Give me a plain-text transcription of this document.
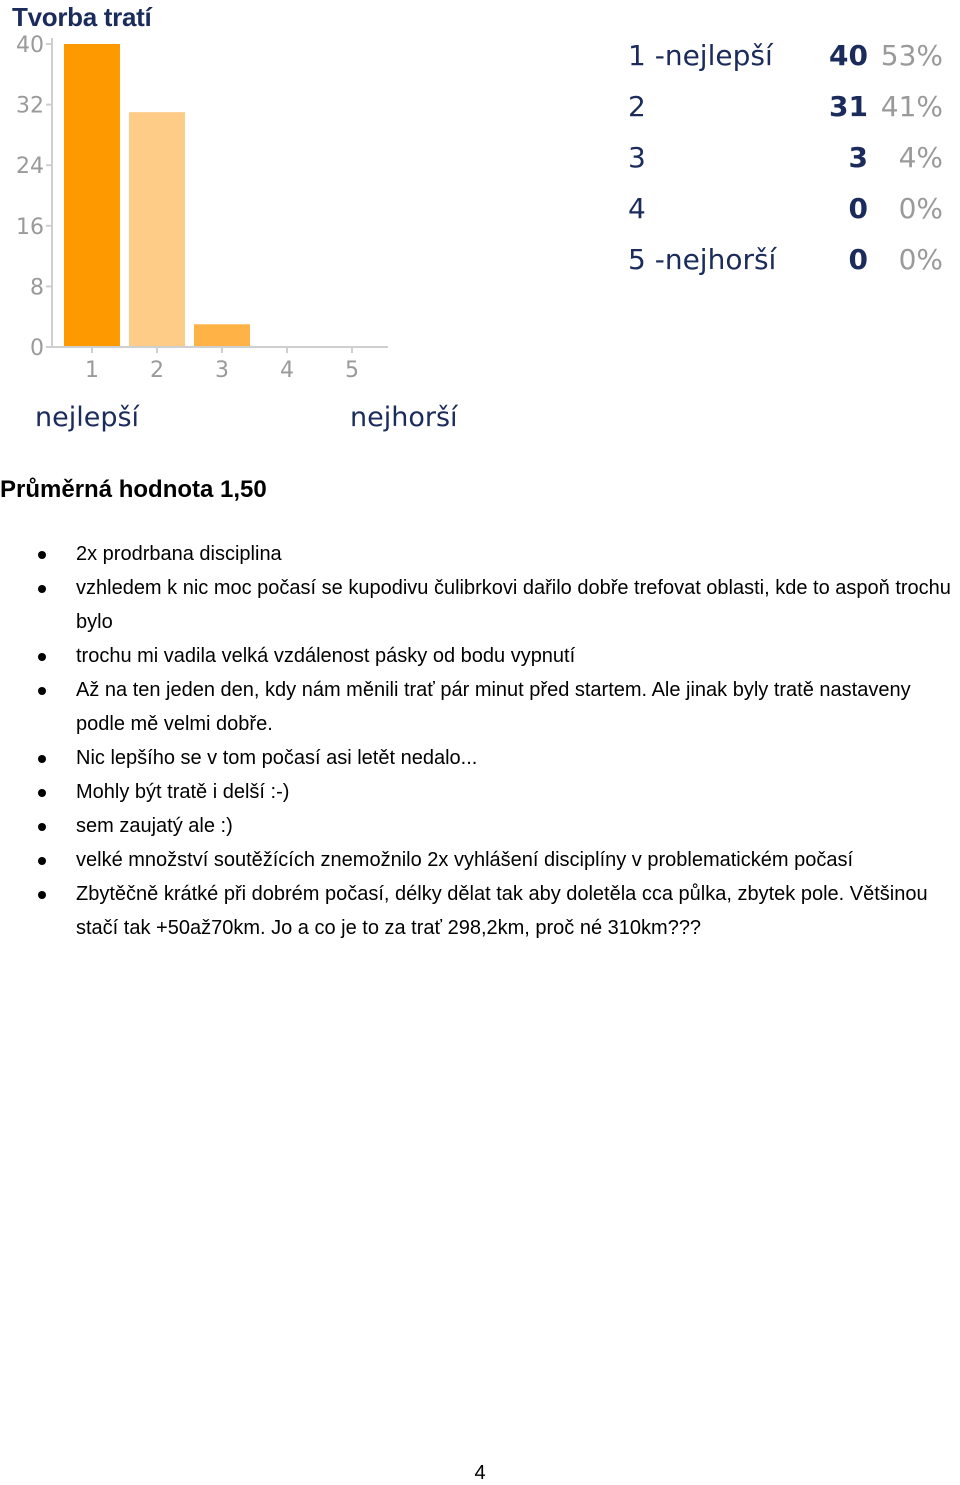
0
8
16
24
32
40
1 2 3 4 5
Tvorba tratí

nejlepší	nejhorší

1 -nejlepší	40	53%
2	31	41%
3	3	4%
4	0	0%
5 -nejhorší	0	0%
Průměrná hodnota 1,50
2x prodrbana disciplina
vzhledem k nic moc počasí se kupodivu čulibrkovi dařilo dobře trefovat oblasti, kde to aspoň trochu bylo
trochu mi vadila velká vzdálenost pásky od bodu vypnutí
Až na ten jeden den, kdy nám měnili trať pár minut před startem. Ale jinak byly tratě nastaveny podle mě velmi dobře.
Nic lepšího se v tom počasí asi letět nedalo...
Mohly být tratě i delší :-)
sem zaujatý ale :)
velké množství soutěžících znemožnilo 2x vyhlášení disciplíny v problematickém počasí
Zbytěčně krátké při dobrém počasí, délky dělat tak aby doletěla cca půlka, zbytek pole. Většinou stačí tak +50až70km. Jo a co je to za trať 298,2km, proč né 310km???

4
